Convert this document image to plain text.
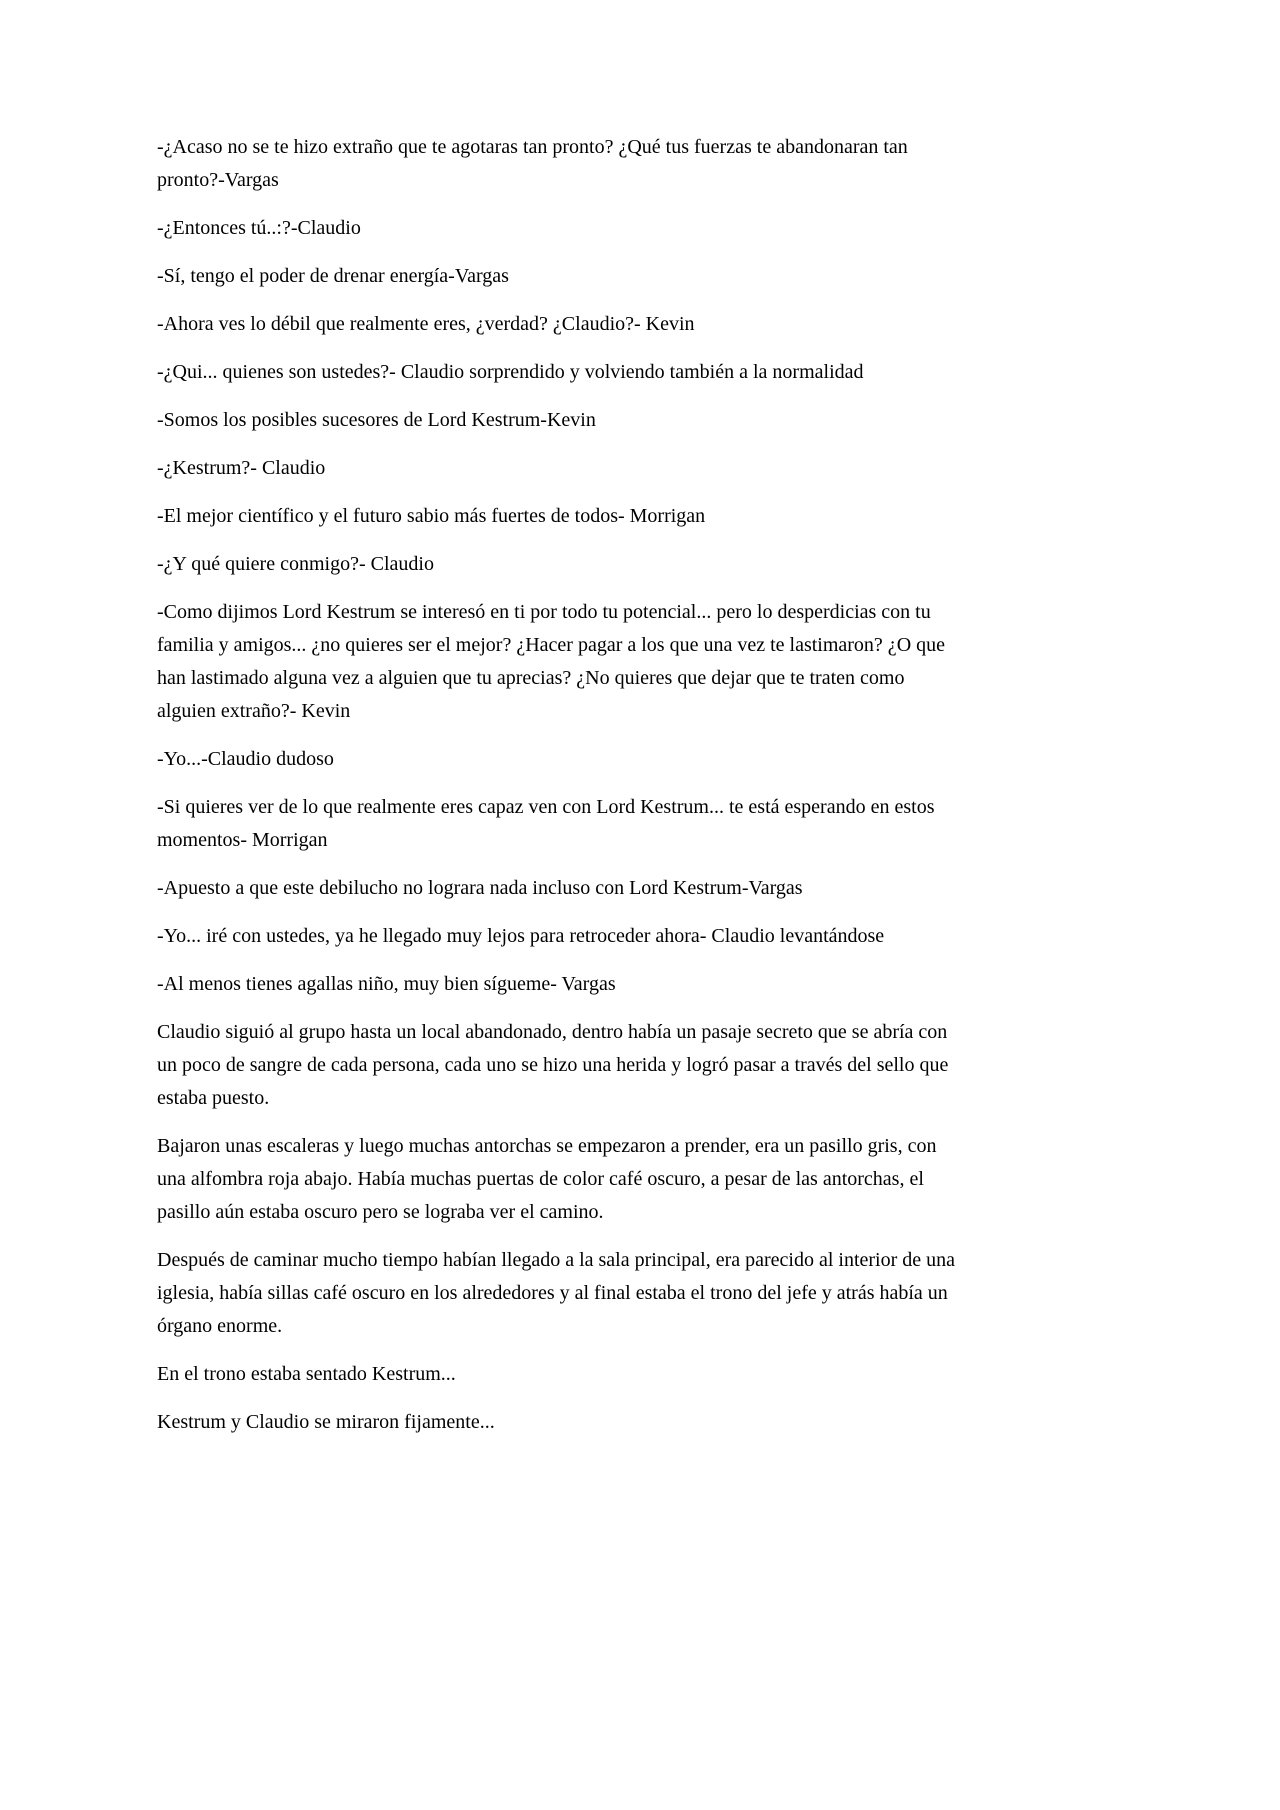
-¿Acaso no se te hizo extraño que te agotaras tan pronto? ¿Qué tus fuerzas te abandonaran tan pronto?-Vargas

-¿Entonces tú..:?-Claudio

-Sí, tengo el poder de drenar energía-Vargas

-Ahora ves lo débil que realmente eres, ¿verdad? ¿Claudio?- Kevin

-¿Qui... quienes son ustedes?- Claudio sorprendido y volviendo también a la normalidad

-Somos los posibles sucesores de Lord Kestrum-Kevin

-¿Kestrum?- Claudio

-El mejor científico y el futuro sabio más fuertes de todos- Morrigan

-¿Y qué quiere conmigo?- Claudio

-Como dijimos Lord Kestrum se interesó en ti por todo tu potencial... pero lo desperdicias con tu familia y amigos... ¿no quieres ser el mejor? ¿Hacer pagar a los que una vez te lastimaron? ¿O que han lastimado alguna vez a alguien que tu aprecias? ¿No quieres que dejar que te traten como alguien extraño?- Kevin

-Yo...-Claudio dudoso

-Si quieres ver de lo que realmente eres capaz ven con Lord Kestrum... te está esperando en estos momentos- Morrigan

-Apuesto a que este debilucho no lograra nada incluso con Lord Kestrum-Vargas

-Yo... iré con ustedes, ya he llegado muy lejos para retroceder ahora- Claudio levantándose

-Al menos tienes agallas niño, muy bien sígueme- Vargas

Claudio siguió al grupo hasta un local abandonado, dentro había un pasaje secreto que se abría con un poco de sangre de cada persona, cada uno se hizo una herida y logró pasar a través del sello que estaba puesto.

Bajaron unas escaleras y luego muchas antorchas se empezaron a prender, era un pasillo gris, con una alfombra roja abajo. Había muchas puertas de color café oscuro, a pesar de las antorchas, el pasillo aún estaba oscuro pero se lograba ver el camino.

Después de caminar mucho tiempo habían llegado a la sala principal, era parecido al interior de una iglesia, había sillas café oscuro en los alrededores y al final estaba el trono del jefe y atrás había un órgano enorme.

En el trono estaba sentado Kestrum...

Kestrum y Claudio se miraron fijamente...
